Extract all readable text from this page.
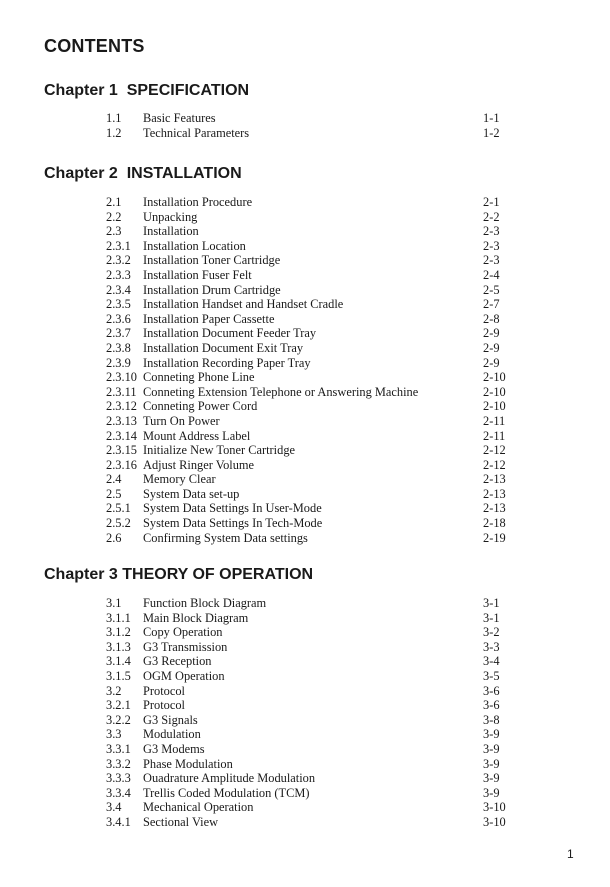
CONTENTS
Chapter 1  SPECIFICATION
1.1 Basic Features	1-1
1.2 Technical Parameters	1-2
Chapter 2  INSTALLATION
2.1 Installation Procedure	2-1
2.2 Unpacking	2-2
2.3 Installation	2-3
2.3.1 Installation Location	2-3
2.3.2 Installation Toner Cartridge	2-3
2.3.3 Installation Fuser Felt	2-4
2.3.4 Installation Drum Cartridge	2-5
2.3.5 Installation Handset and Handset Cradle	2-7
2.3.6 Installation Paper Cassette	2-8
2.3.7 Installation Document Feeder Tray	2-9
2.3.8 Installation Document Exit Tray	2-9
2.3.9 Installation Recording Paper Tray	2-9
2.3.10 Conneting Phone Line	2-10
2.3.11 Conneting Extension Telephone or Answering Machine	2-10
2.3.12 Conneting Power Cord	2-10
2.3.13 Turn On Power	2-11
2.3.14 Mount Address Label	2-11
2.3.15 Initialize New Toner Cartridge	2-12
2.3.16 Adjust Ringer Volume	2-12
2.4 Memory Clear	2-13
2.5 System Data set-up	2-13
2.5.1 System Data Settings In User-Mode	2-13
2.5.2 System Data Settings In Tech-Mode	2-18
2.6 Confirming System Data settings	2-19
Chapter 3 THEORY OF OPERATION
3.1 Function Block Diagram	3-1
3.1.1 Main Block Diagram	3-1
3.1.2 Copy Operation	3-2
3.1.3 G3 Transmission	3-3
3.1.4 G3 Reception	3-4
3.1.5 OGM Operation	3-5
3.2 Protocol	3-6
3.2.1 Protocol	3-6
3.2.2 G3 Signals	3-8
3.3 Modulation	3-9
3.3.1 G3 Modems	3-9
3.3.2 Phase Modulation	3-9
3.3.3 Ouadrature Amplitude Modulation	3-9
3.3.4 Trellis Coded Modulation (TCM)	3-9
3.4 Mechanical Operation	3-10
3.4.1 Sectional View	3-10
1
